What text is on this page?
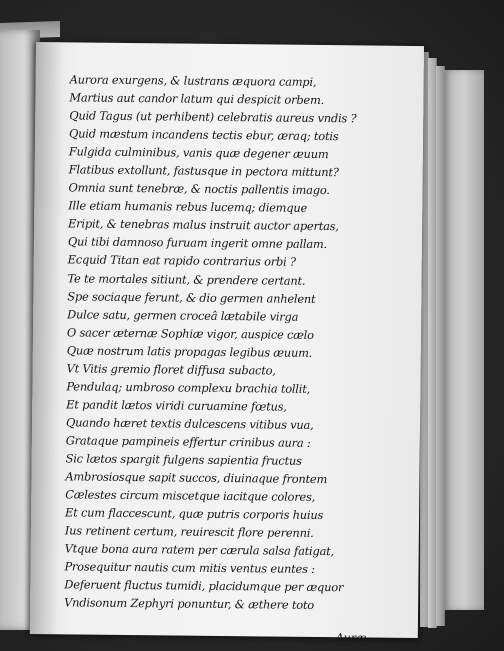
Aurora exurgens, & lustrans æquora campi,
Martius aut candor latum qui despicit orbem.
Quid Tagus (ut perhibent) celebratis aureus vndis ?
Quid mæstum incandens tectis ebur, æraq; totis
Fulgida culminibus, vanis quæ degener æuum
Flatibus extollunt, fastusque in pectora mittunt?
Omnia sunt tenebræ, & noctis pallentis imago.
Ille etiam humanis rebus lucemq; diemque
Eripit, & tenebras malus instruit auctor apertas,
Qui tibi damnoso furuam ingerit omne pallam.
Ecquid Titan eat rapido contrarius orbi ?
Te te mortales sitiunt, & prendere certant.
Spe sociaque ferunt, & dio germen anhelent
Dulce satu, germen croceâ lætabile virga
O sacer æternæ Sophiæ vigor, auspice cælo
Quæ nostrum latis propagas legibus æuum.
Vt Vitis gremio floret diffusa subacto,
Pendulaq; umbroso complexu brachia tollit,
Et pandit lætos viridi curuamine fœtus,
Quando hæret textis dulcescens vitibus vua,
Grataque pampineis effertur crinibus aura :
Sic lætos spargit fulgens sapientia fructus
Ambrosiosque sapit succos, diuinaque frontem
Cælestes circum miscetque iacitque colores,
Et cum flaccescunt, quæ putris corporis huius
Ius retinent certum, reuirescit flore perenni.
Vtque bona aura ratem per cærula salsa fatigat,
Prosequitur nautis cum mitis ventus euntes :
Deferuent fluctus tumidi, placidumque per æquor
Vndisonum Zephyri ponuntur, & æthere toto
Auræ
